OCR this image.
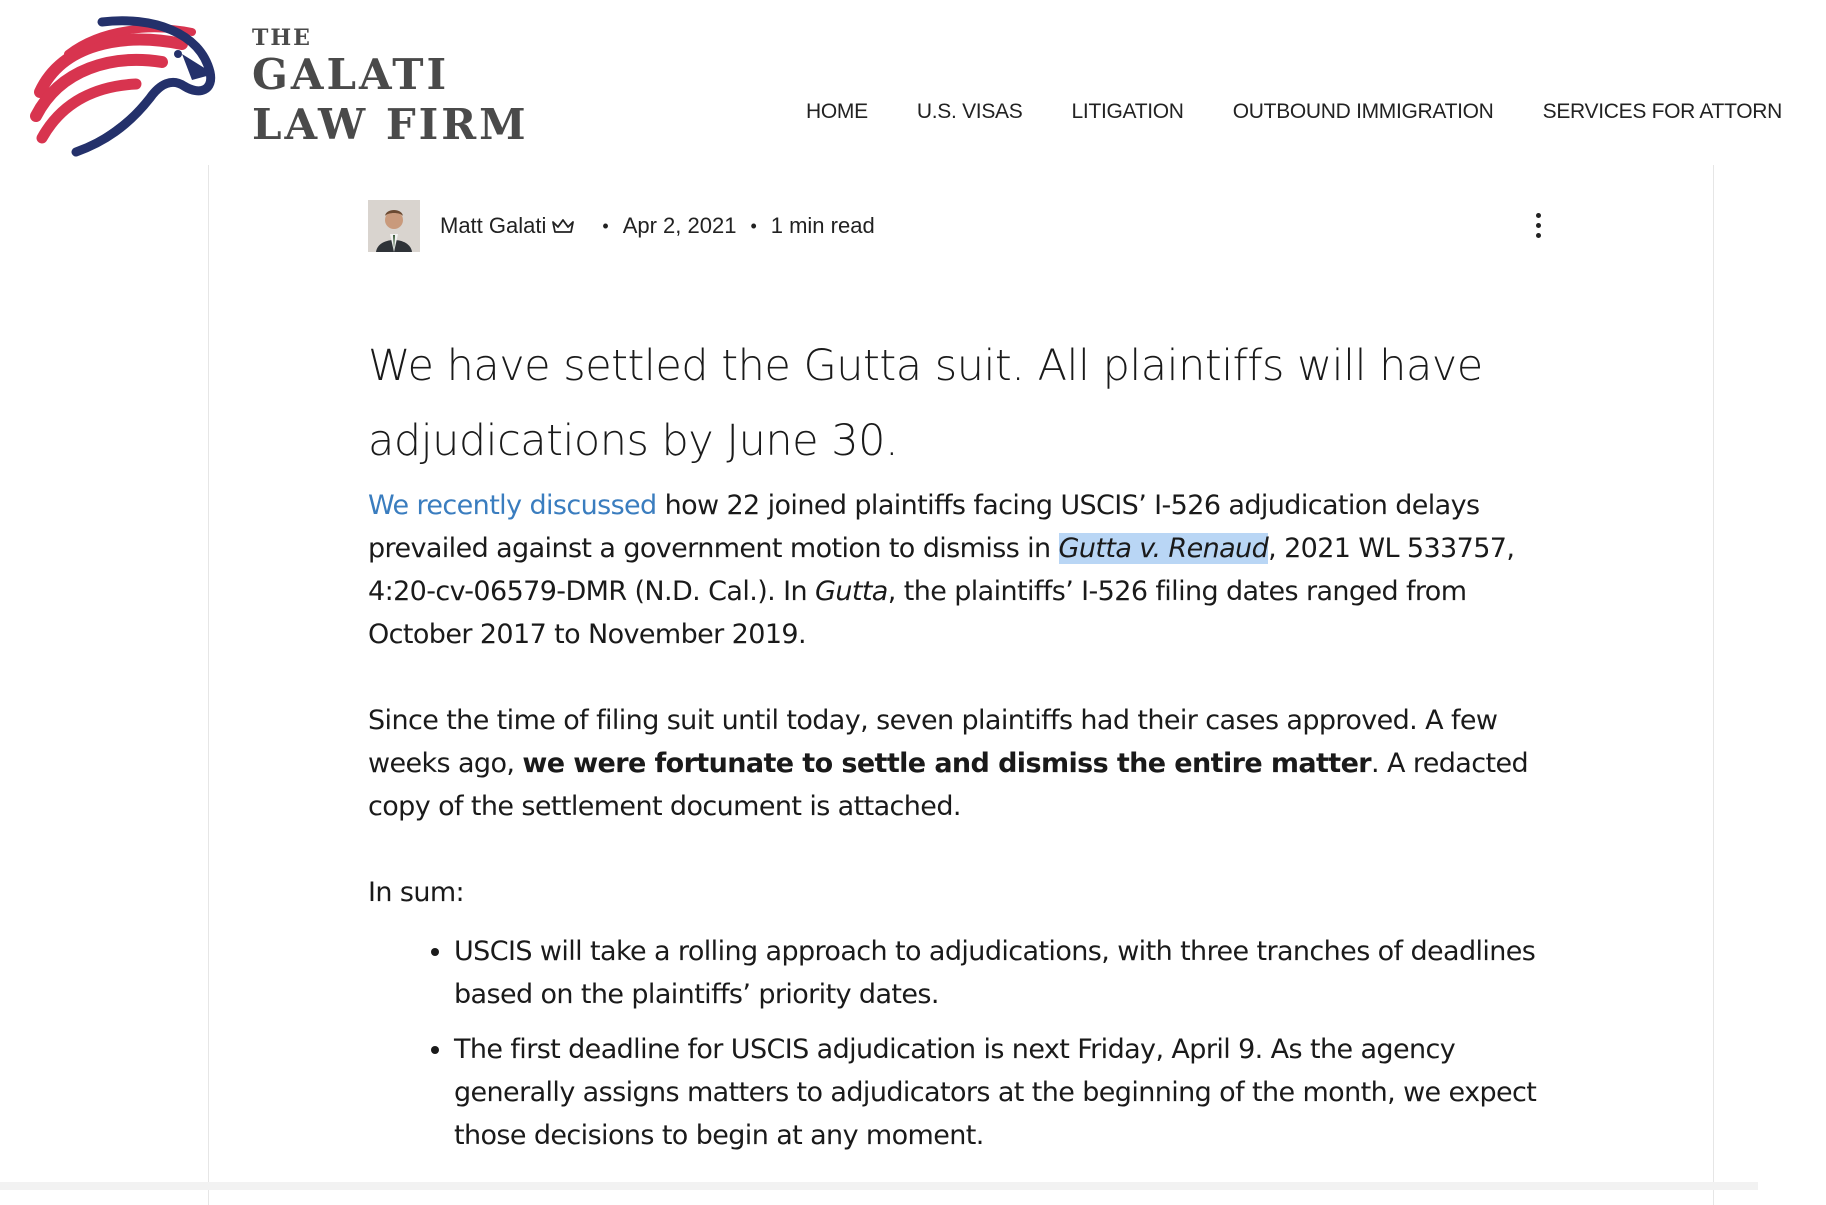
THE
GALATI
LAW FIRM	HOME U.S. VISAS LITIGATION OUTBOUND IMMIGRATION SERVICES FOR ATTORN
Matt Galati	• Apr 2, 2021 • 1 min read
We have settled the Gutta suit. All plaintiffs will have adjudications by June 30.

We recently discussed how 22 joined plaintiffs facing USCIS’ I-526 adjudication delays prevailed against a government motion to dismiss in Gutta v. Renaud, 2021 WL 533757, 4:20-cv-06579-DMR (N.D. Cal.). In Gutta, the plaintiffs’ I-526 filing dates ranged from October 2017 to November 2019.

Since the time of filing suit until today, seven plaintiffs had their cases approved. A few weeks ago, we were fortunate to settle and dismiss the entire matter. A redacted copy of the settlement document is attached.

In sum:

• USCIS will take a rolling approach to adjudications, with three tranches of deadlines based on the plaintiffs’ priority dates.
• The first deadline for USCIS adjudication is next Friday, April 9. As the agency generally assigns matters to adjudicators at the beginning of the month, we expect those decisions to begin at any moment.
